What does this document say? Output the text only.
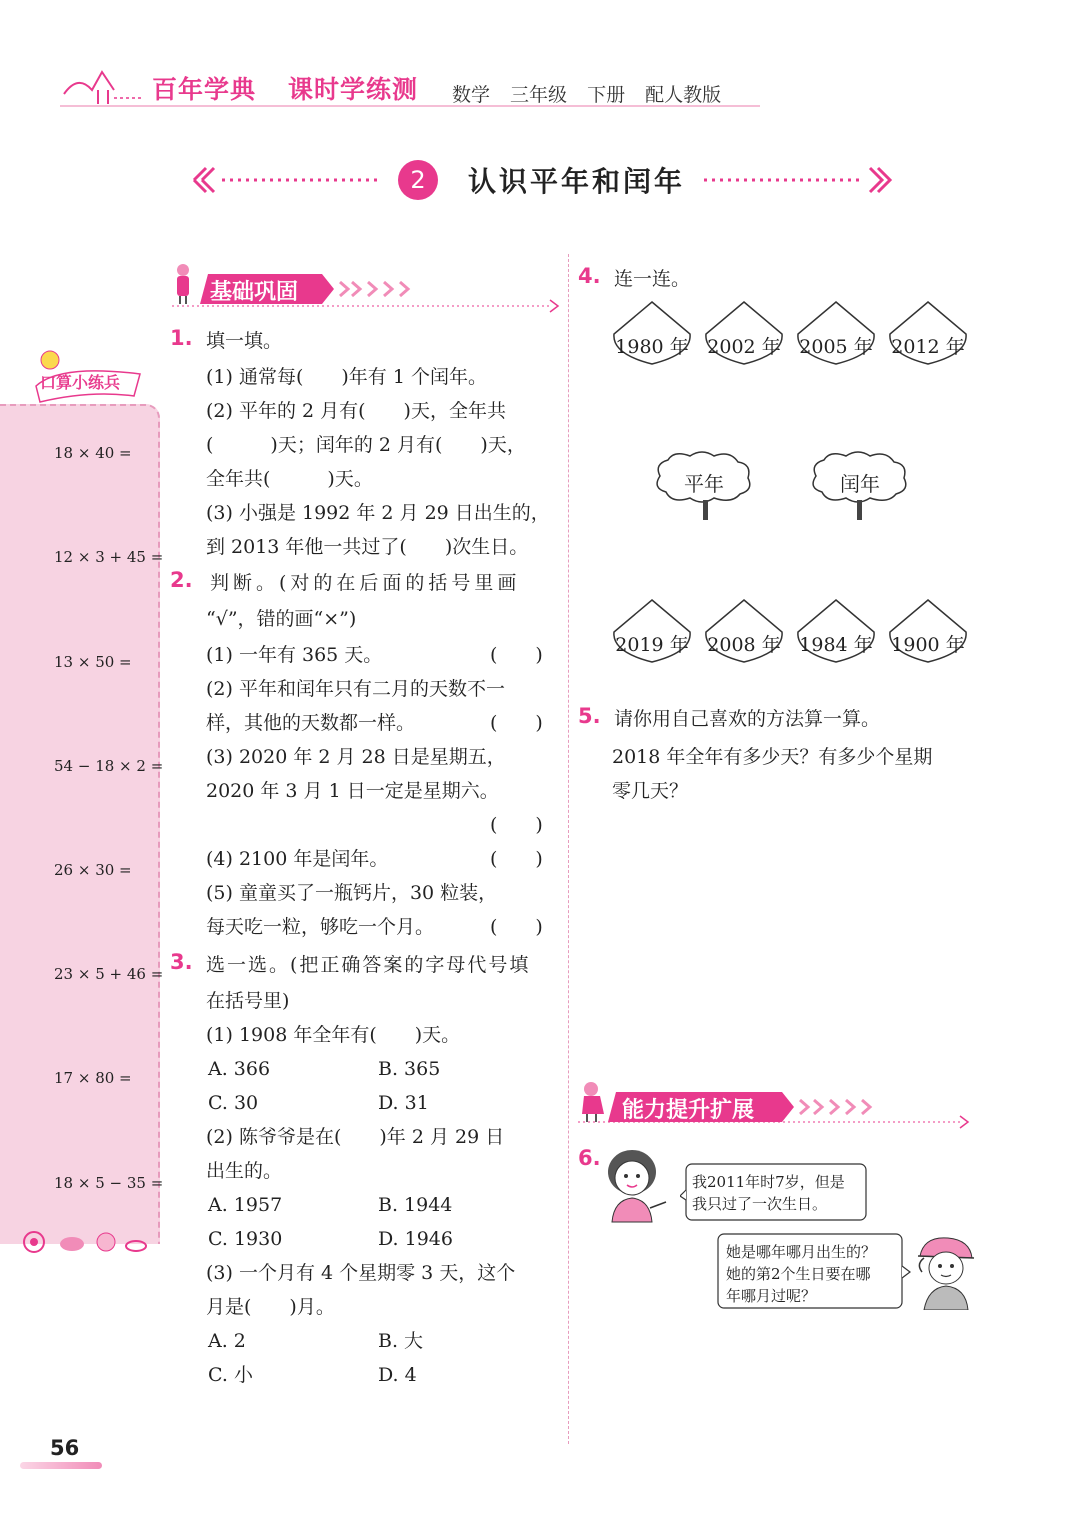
百年学典 课时学练测 数学 三年级 下册 配人教版
2	认识平年和闰年
口算小练兵
18 × 40 =
12 × 3 + 45 =
13 × 50 =
54 − 18 × 2 =
26 × 30 =
23 × 5 + 46 =
17 × 80 =
18 × 5 − 35 =
基础巩固
1. 填一填。
(1) 通常每(　　)年有 1 个闰年。
(2) 平年的 2 月有(　　)天，全年共
(　　　)天；闰年的 2 月有(　　)天，
全年共(　　　)天。
(3) 小强是 1992 年 2 月 29 日出生的，
到 2013 年他一共过了(　　)次生日。
2. 判断。(对的在后面的括号里画
“√”，错的画“×”)
(1) 一年有 365 天。	(　　)
(2) 平年和闰年只有二月的天数不一
样，其他的天数都一样。	(　　)
(3) 2020 年 2 月 28 日是星期五，
2020 年 3 月 1 日一定是星期六。
(　　)
(4) 2100 年是闰年。	(　　)
(5) 童童买了一瓶钙片，30 粒装，
每天吃一粒，够吃一个月。	(　　)
3. 选一选。(把正确答案的字母代号填
在括号里)
(1) 1908 年全年有(　　)天。
A. 366	B. 365
C. 30	D. 31
(2) 陈爷爷是在(　　)年 2 月 29 日
出生的。
A. 1957	B. 1944
C. 1930	D. 1946
(3) 一个月有 4 个星期零 3 天，这个
月是(　　)月。
A. 2	B. 大
C. 小	D. 4
4. 连一连。
1980 年 2002 年 2005 年 2012 年
平年	闰年
2019 年 2008 年 1984 年 1900 年
5. 请你用自己喜欢的方法算一算。
2018 年全年有多少天？有多少个星期
零几天？
能力提升扩展
6.
我2011年时7岁，但是
我只过了一次生日。
她是哪年哪月出生的？
她的第2个生日要在哪
年哪月过呢？
56
